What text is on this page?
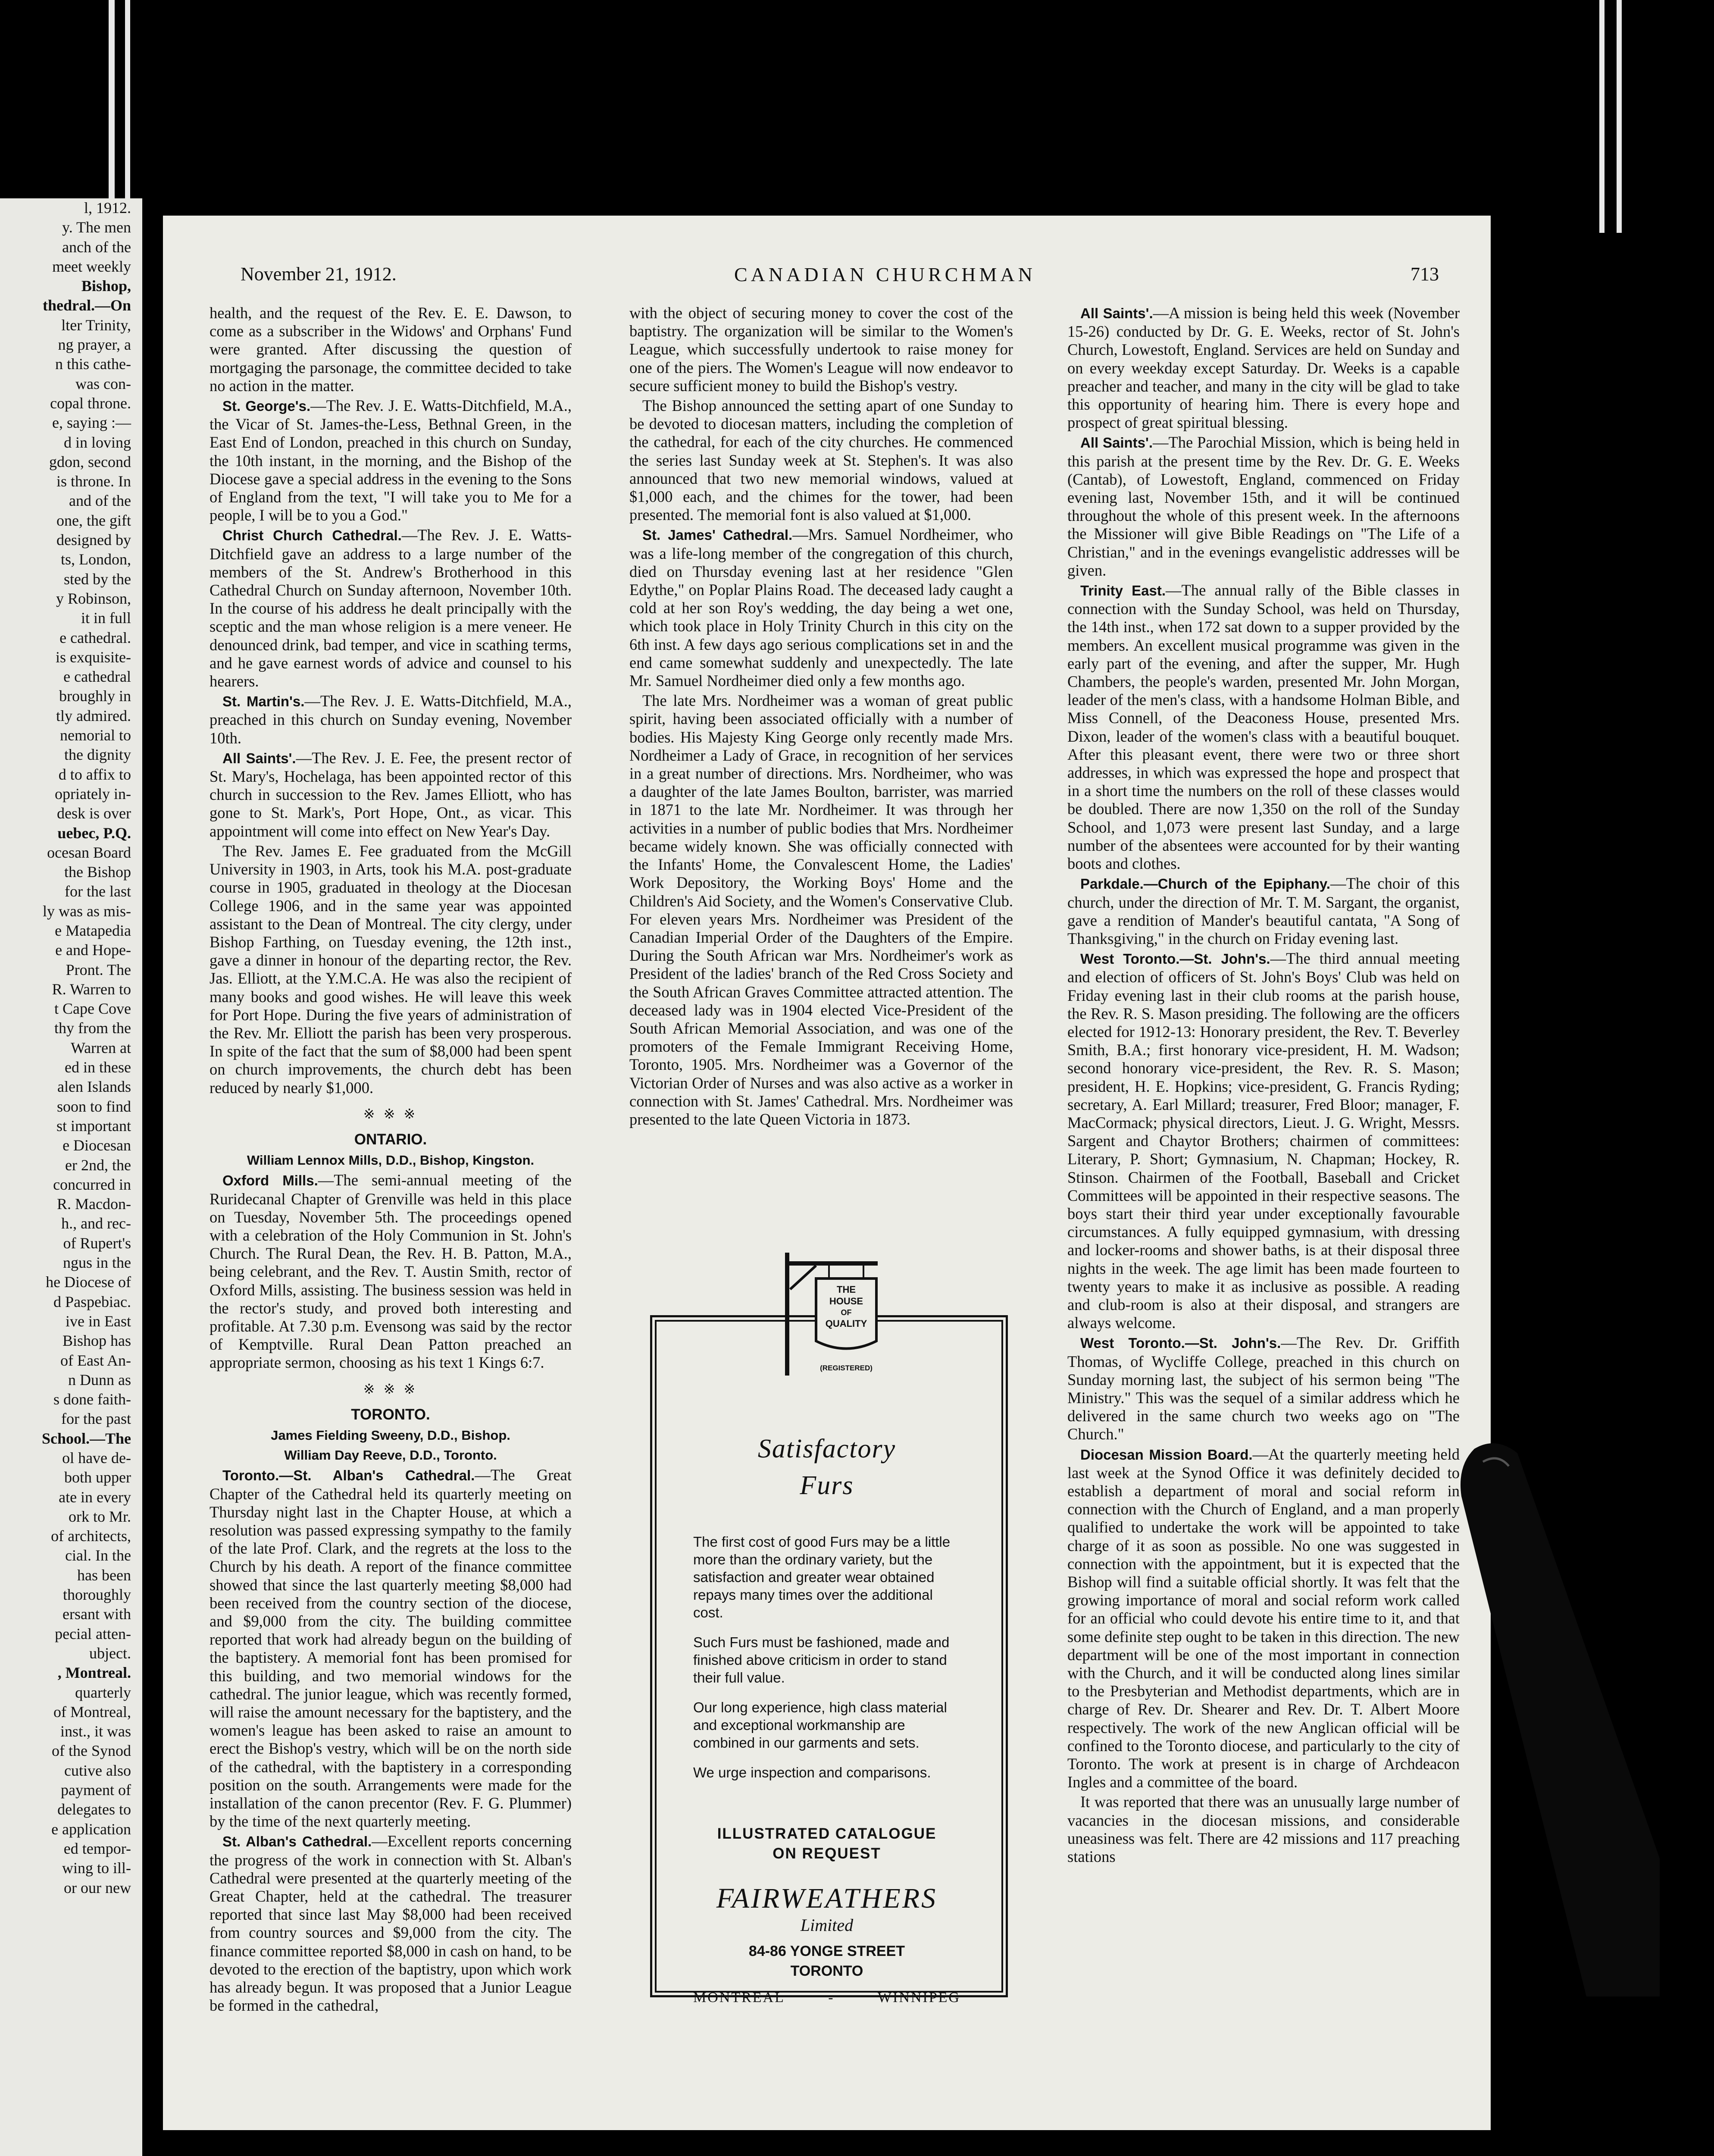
l, 1912.

y. The men

anch of the

meet weekly

Bishop,

thedral.—On

lter Trinity,

ng prayer, a

n this cathe-

was con-

copal throne.

e, saying :—

d in loving

gdon, second

is throne. In

and of the

one, the gift

designed by

ts, London,

sted by the

y Robinson,

it in full

e cathedral.

is exquisite-

e cathedral

broughly in

tly admired.

nemorial to

the dignity

d to affix to

opriately in-

desk is over

uebec, P.Q.

ocesan Board

the Bishop

for the last

ly was as mis-

e Matapedia

e and Hope-

Pront. The

R. Warren to

t Cape Cove

thy from the

Warren at

ed in these

alen Islands

soon to find

st important

e Diocesan

er 2nd, the

concurred in

R. Macdon-

h., and rec-

of Rupert's

ngus in the

he Diocese of

d Paspebiac.

ive in East

Bishop has

of East An-

n Dunn as

s done faith-

for the past

School.—The

ol have de-

both upper

ate in every

ork to Mr.

of architects,

cial. In the

has been

thoroughly

ersant with

pecial atten-

ubject.

, Montreal.

quarterly

of Montreal,

inst., it was

of the Synod

cutive also

payment of

delegates to

e application

ed tempor-

wing to ill-

or our new

November 21, 1912.	CANADIAN CHURCHMAN	713

health, and the request of the Rev. E. E. Dawson, to come as a subscriber in the Widows' and Orphans' Fund were granted. After discussing the question of mortgaging the parsonage, the committee decided to take no action in the matter.

St. George's.—The Rev. J. E. Watts-Ditchfield, M.A., the Vicar of St. James-the-Less, Bethnal Green, in the East End of London, preached in this church on Sunday, the 10th instant, in the morning, and the Bishop of the Diocese gave a special address in the evening to the Sons of England from the text, "I will take you to Me for a people, I will be to you a God."

Christ Church Cathedral.—The Rev. J. E. Watts-Ditchfield gave an address to a large number of the members of the St. Andrew's Brotherhood in this Cathedral Church on Sunday afternoon, November 10th. In the course of his address he dealt principally with the sceptic and the man whose religion is a mere veneer. He denounced drink, bad temper, and vice in scathing terms, and he gave earnest words of advice and counsel to his hearers.

St. Martin's.—The Rev. J. E. Watts-Ditchfield, M.A., preached in this church on Sunday evening, November 10th.

All Saints'.—The Rev. J. E. Fee, the present rector of St. Mary's, Hochelaga, has been appointed rector of this church in succession to the Rev. James Elliott, who has gone to St. Mark's, Port Hope, Ont., as vicar. This appointment will come into effect on New Year's Day.

The Rev. James E. Fee graduated from the McGill University in 1903, in Arts, took his M.A. post-graduate course in 1905, graduated in theology at the Diocesan College 1906, and in the same year was appointed assistant to the Dean of Montreal. The city clergy, under Bishop Farthing, on Tuesday evening, the 12th inst., gave a dinner in honour of the departing rector, the Rev. Jas. Elliott, at the Y.M.C.A. He was also the recipient of many books and good wishes. He will leave this week for Port Hope. During the five years of administration of the Rev. Mr. Elliott the parish has been very prosperous. In spite of the fact that the sum of $8,000 had been spent on church improvements, the church debt has been reduced by nearly $1,000.

※ ※ ※

ONTARIO.

William Lennox Mills, D.D., Bishop, Kingston.

Oxford Mills.—The semi-annual meeting of the Ruridecanal Chapter of Grenville was held in this place on Tuesday, November 5th. The proceedings opened with a celebration of the Holy Communion in St. John's Church. The Rural Dean, the Rev. H. B. Patton, M.A., being celebrant, and the Rev. T. Austin Smith, rector of Oxford Mills, assisting. The business session was held in the rector's study, and proved both interesting and profitable. At 7.30 p.m. Evensong was said by the rector of Kemptville. Rural Dean Patton preached an appropriate sermon, choosing as his text 1 Kings 6:7.

※ ※ ※

TORONTO.

James Fielding Sweeny, D.D., Bishop.

William Day Reeve, D.D., Toronto.

Toronto.—St. Alban's Cathedral.—The Great Chapter of the Cathedral held its quarterly meeting on Thursday night last in the Chapter House, at which a resolution was passed expressing sympathy to the family of the late Prof. Clark, and the regrets at the loss to the Church by his death. A report of the finance committee showed that since the last quarterly meeting $8,000 had been received from the country section of the diocese, and $9,000 from the city. The building committee reported that work had already begun on the building of the baptistery. A memorial font has been promised for this building, and two memorial windows for the cathedral. The junior league, which was recently formed, will raise the amount necessary for the baptistery, and the women's league has been asked to raise an amount to erect the Bishop's vestry, which will be on the north side of the cathedral, with the baptistery in a corresponding position on the south. Arrangements were made for the installation of the canon precentor (Rev. F. G. Plummer) by the time of the next quarterly meeting.

St. Alban's Cathedral.—Excellent reports concerning the progress of the work in connection with St. Alban's Cathedral were presented at the quarterly meeting of the Great Chapter, held at the cathedral. The treasurer reported that since last May $8,000 had been received from country sources and $9,000 from the city. The finance committee reported $8,000 in cash on hand, to be devoted to the erection of the baptistry, upon which work has already begun. It was proposed that a Junior League be formed in the cathedral,

with the object of securing money to cover the cost of the baptistry. The organization will be similar to the Women's League, which successfully undertook to raise money for one of the piers. The Women's League will now endeavor to secure sufficient money to build the Bishop's vestry.

The Bishop announced the setting apart of one Sunday to be devoted to diocesan matters, including the completion of the cathedral, for each of the city churches. He commenced the series last Sunday week at St. Stephen's. It was also announced that two new memorial windows, valued at $1,000 each, and the chimes for the tower, had been presented. The memorial font is also valued at $1,000.

St. James' Cathedral.—Mrs. Samuel Nordheimer, who was a life-long member of the congregation of this church, died on Thursday evening last at her residence "Glen Edythe," on Poplar Plains Road. The deceased lady caught a cold at her son Roy's wedding, the day being a wet one, which took place in Holy Trinity Church in this city on the 6th inst. A few days ago serious complications set in and the end came somewhat suddenly and unexpectedly. The late Mr. Samuel Nordheimer died only a few months ago.

The late Mrs. Nordheimer was a woman of great public spirit, having been associated officially with a number of bodies. His Majesty King George only recently made Mrs. Nordheimer a Lady of Grace, in recognition of her services in a great number of directions. Mrs. Nordheimer, who was a daughter of the late James Boulton, barrister, was married in 1871 to the late Mr. Nordheimer. It was through her activities in a number of public bodies that Mrs. Nordheimer became widely known. She was officially connected with the Infants' Home, the Convalescent Home, the Ladies' Work Depository, the Working Boys' Home and the Children's Aid Society, and the Women's Conservative Club. For eleven years Mrs. Nordheimer was President of the Canadian Imperial Order of the Daughters of the Empire. During the South African war Mrs. Nordheimer's work as President of the ladies' branch of the Red Cross Society and the South African Graves Committee attracted attention. The deceased lady was in 1904 elected Vice-President of the South African Memorial Association, and was one of the promoters of the Female Immigrant Receiving Home, Toronto, 1905. Mrs. Nordheimer was a Governor of the Victorian Order of Nurses and was also active as a worker in connection with St. James' Cathedral. Mrs. Nordheimer was presented to the late Queen Victoria in 1873.

All Saints'.—A mission is being held this week (November 15-26) conducted by Dr. G. E. Weeks, rector of St. John's Church, Lowestoft, England. Services are held on Sunday and on every weekday except Saturday. Dr. Weeks is a capable preacher and teacher, and many in the city will be glad to take this opportunity of hearing him. There is every hope and prospect of great spiritual blessing.

All Saints'.—The Parochial Mission, which is being held in this parish at the present time by the Rev. Dr. G. E. Weeks (Cantab), of Lowestoft, England, commenced on Friday evening last, November 15th, and it will be continued throughout the whole of this present week. In the afternoons the Missioner will give Bible Readings on "The Life of a Christian," and in the evenings evangelistic addresses will be given.

Trinity East.—The annual rally of the Bible classes in connection with the Sunday School, was held on Thursday, the 14th inst., when 172 sat down to a supper provided by the members. An excellent musical programme was given in the early part of the evening, and after the supper, Mr. Hugh Chambers, the people's warden, presented Mr. John Morgan, leader of the men's class, with a handsome Holman Bible, and Miss Connell, of the Deaconess House, presented Mrs. Dixon, leader of the women's class with a beautiful bouquet. After this pleasant event, there were two or three short addresses, in which was expressed the hope and prospect that in a short time the numbers on the roll of these classes would be doubled. There are now 1,350 on the roll of the Sunday School, and 1,073 were present last Sunday, and a large number of the absentees were accounted for by their wanting boots and clothes.

Parkdale.—Church of the Epiphany.—The choir of this church, under the direction of Mr. T. M. Sargant, the organist, gave a rendition of Mander's beautiful cantata, "A Song of Thanksgiving," in the church on Friday evening last.

West Toronto.—St. John's.—The third annual meeting and election of officers of St. John's Boys' Club was held on Friday evening last in their club rooms at the parish house, the Rev. R. S. Mason presiding. The following are the officers elected for 1912-13: Honorary president, the Rev. T. Beverley Smith, B.A.; first honorary vice-president, H. M. Wadson; second honorary vice-president, the Rev. R. S. Mason; president, H. E. Hopkins; vice-president, G. Francis Ryding; secretary, A. Earl Millard; treasurer, Fred Bloor; manager, F. MacCormack; physical directors, Lieut. J. G. Wright, Messrs. Sargent and Chaytor Brothers; chairmen of committees: Literary, P. Short; Gymnasium, N. Chapman; Hockey, R. Stinson. Chairmen of the Football, Baseball and Cricket Committees will be appointed in their respective seasons. The boys start their third year under exceptionally favourable circumstances. A fully equipped gymnasium, with dressing and locker-rooms and shower baths, is at their disposal three nights in the week. The age limit has been made fourteen to twenty years to make it as inclusive as possible. A reading and club-room is also at their disposal, and strangers are always welcome.

West Toronto.—St. John's.—The Rev. Dr. Griffith Thomas, of Wycliffe College, preached in this church on Sunday morning last, the subject of his sermon being "The Ministry." This was the sequel of a similar address which he delivered in the same church two weeks ago on "The Church."

Diocesan Mission Board.—At the quarterly meeting held last week at the Synod Office it was definitely decided to establish a department of moral and social reform in connection with the Church of England, and a man properly qualified to undertake the work will be appointed to take charge of it as soon as possible. No one was suggested in connection with the appointment, but it is expected that the Bishop will find a suitable official shortly. It was felt that the growing importance of moral and social reform work called for an official who could devote his entire time to it, and that some definite step ought to be taken in this direction. The new department will be one of the most important in connection with the Church, and it will be conducted along lines similar to the Presbyterian and Methodist departments, which are in charge of Rev. Dr. Shearer and Rev. Dr. T. Albert Moore respectively. The work of the new Anglican official will be confined to the Toronto diocese, and particularly to the city of Toronto. The work at present is in charge of Archdeacon Ingles and a committee of the board.

It was reported that there was an unusually large number of vacancies in the diocesan missions, and considerable uneasiness was felt. There are 42 missions and 117 preaching stations

THE
HOUSE
OF
QUALITY
(REGISTERED)
Satisfactory
Furs

The first cost of good Furs may be a little more than the ordinary variety, but the satisfaction and greater wear obtained repays many times over the additional cost.

Such Furs must be fashioned, made and finished above criticism in order to stand their full value.

Our long experience, high class material and exceptional workmanship are combined in our garments and sets.

We urge inspection and comparisons.

ILLUSTRATED CATALOGUE
ON REQUEST
FAIRWEATHERS
Limited
84-86 YONGE STREET
TORONTO
MONTREAL	-	WINNIPEG
